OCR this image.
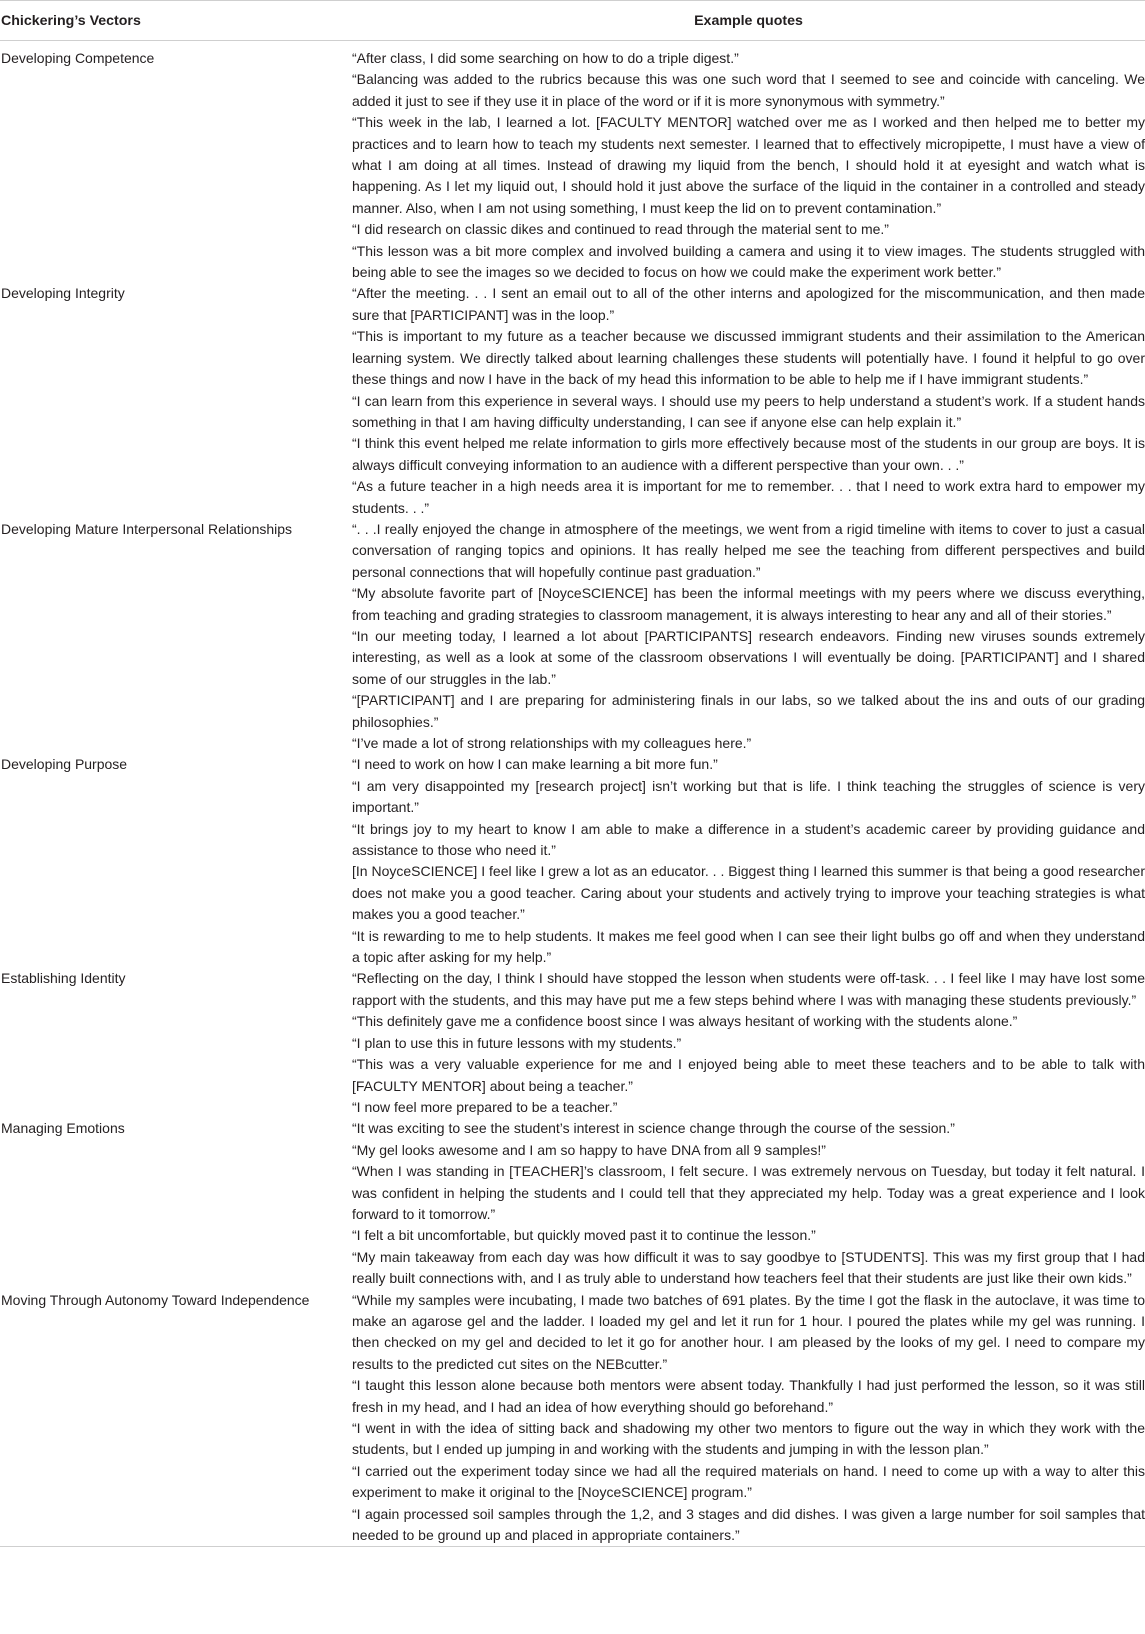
Chickering’s Vectors	Example quotes
Developing Competence	“After class, I did some searching on how to do a triple digest.”

“Balancing was added to the rubrics because this was one such word that I seemed to see and coincide with canceling. We added it just to see if they use it in place of the word or if it is more synonymous with symmetry.”

“This week in the lab, I learned a lot. [FACULTY MENTOR] watched over me as I worked and then helped me to better my practices and to learn how to teach my students next semester. I learned that to effectively micropipette, I must have a view of what I am doing at all times. Instead of drawing my liquid from the bench, I should hold it at eyesight and watch what is happening. As I let my liquid out, I should hold it just above the surface of the liquid in the container in a controlled and steady manner. Also, when I am not using something, I must keep the lid on to prevent contamination.”

“I did research on classic dikes and continued to read through the material sent to me.”

“This lesson was a bit more complex and involved building a camera and using it to view images. The students struggled with being able to see the images so we decided to focus on how we could make the experiment work better.”

Developing Integrity	“After the meeting. . . I sent an email out to all of the other interns and apologized for the miscommunication, and then made sure that [PARTICIPANT] was in the loop.”

“This is important to my future as a teacher because we discussed immigrant students and their assimilation to the American learning system. We directly talked about learning challenges these students will potentially have. I found it helpful to go over these things and now I have in the back of my head this information to be able to help me if I have immigrant students.”

“I can learn from this experience in several ways. I should use my peers to help understand a student’s work. If a student hands something in that I am having difficulty understanding, I can see if anyone else can help explain it.”

“I think this event helped me relate information to girls more effectively because most of the students in our group are boys. It is always difficult conveying information to an audience with a different perspective than your own. . .”

“As a future teacher in a high needs area it is important for me to remember. . . that I need to work extra hard to empower my students. . .”

Developing Mature Interpersonal Relationships	“. . .I really enjoyed the change in atmosphere of the meetings, we went from a rigid timeline with items to cover to just a casual conversation of ranging topics and opinions. It has really helped me see the teaching from different perspectives and build personal connections that will hopefully continue past graduation.”

“My absolute favorite part of [NoyceSCIENCE] has been the informal meetings with my peers where we discuss everything, from teaching and grading strategies to classroom management, it is always interesting to hear any and all of their stories.”

“In our meeting today, I learned a lot about [PARTICIPANTS] research endeavors. Finding new viruses sounds extremely interesting, as well as a look at some of the classroom observations I will eventually be doing. [PARTICIPANT] and I shared some of our struggles in the lab.”

“[PARTICIPANT] and I are preparing for administering finals in our labs, so we talked about the ins and outs of our grading philosophies.”

“I’ve made a lot of strong relationships with my colleagues here.”

Developing Purpose	“I need to work on how I can make learning a bit more fun.”

“I am very disappointed my [research project] isn’t working but that is life. I think teaching the struggles of science is very important.”

“It brings joy to my heart to know I am able to make a difference in a student’s academic career by providing guidance and assistance to those who need it.”

[In NoyceSCIENCE] I feel like I grew a lot as an educator. . . Biggest thing I learned this summer is that being a good researcher does not make you a good teacher. Caring about your students and actively trying to improve your teaching strategies is what makes you a good teacher.”

“It is rewarding to me to help students. It makes me feel good when I can see their light bulbs go off and when they understand a topic after asking for my help.”

Establishing Identity	“Reflecting on the day, I think I should have stopped the lesson when students were off-task. . . I feel like I may have lost some rapport with the students, and this may have put me a few steps behind where I was with managing these students previously.”

“This definitely gave me a confidence boost since I was always hesitant of working with the students alone.”

“I plan to use this in future lessons with my students.”

“This was a very valuable experience for me and I enjoyed being able to meet these teachers and to be able to talk with [FACULTY MENTOR] about being a teacher.”

“I now feel more prepared to be a teacher.”

Managing Emotions	“It was exciting to see the student’s interest in science change through the course of the session.”

“My gel looks awesome and I am so happy to have DNA from all 9 samples!”

“When I was standing in [TEACHER]’s classroom, I felt secure. I was extremely nervous on Tuesday, but today it felt natural. I was confident in helping the students and I could tell that they appreciated my help. Today was a great experience and I look forward to it tomorrow.”

“I felt a bit uncomfortable, but quickly moved past it to continue the lesson.”

“My main takeaway from each day was how difficult it was to say goodbye to [STUDENTS]. This was my first group that I had really built connections with, and I as truly able to understand how teachers feel that their students are just like their own kids.”

Moving Through Autonomy Toward Independence	“While my samples were incubating, I made two batches of 691 plates. By the time I got the flask in the autoclave, it was time to make an agarose gel and the ladder. I loaded my gel and let it run for 1 hour. I poured the plates while my gel was running. I then checked on my gel and decided to let it go for another hour. I am pleased by the looks of my gel. I need to compare my results to the predicted cut sites on the NEBcutter.”

“I taught this lesson alone because both mentors were absent today. Thankfully I had just performed the lesson, so it was still fresh in my head, and I had an idea of how everything should go beforehand.”

“I went in with the idea of sitting back and shadowing my other two mentors to figure out the way in which they work with the students, but I ended up jumping in and working with the students and jumping in with the lesson plan.”

“I carried out the experiment today since we had all the required materials on hand. I need to come up with a way to alter this experiment to make it original to the [NoyceSCIENCE] program.”

“I again processed soil samples through the 1,2, and 3 stages and did dishes. I was given a large number for soil samples that needed to be ground up and placed in appropriate containers.”
